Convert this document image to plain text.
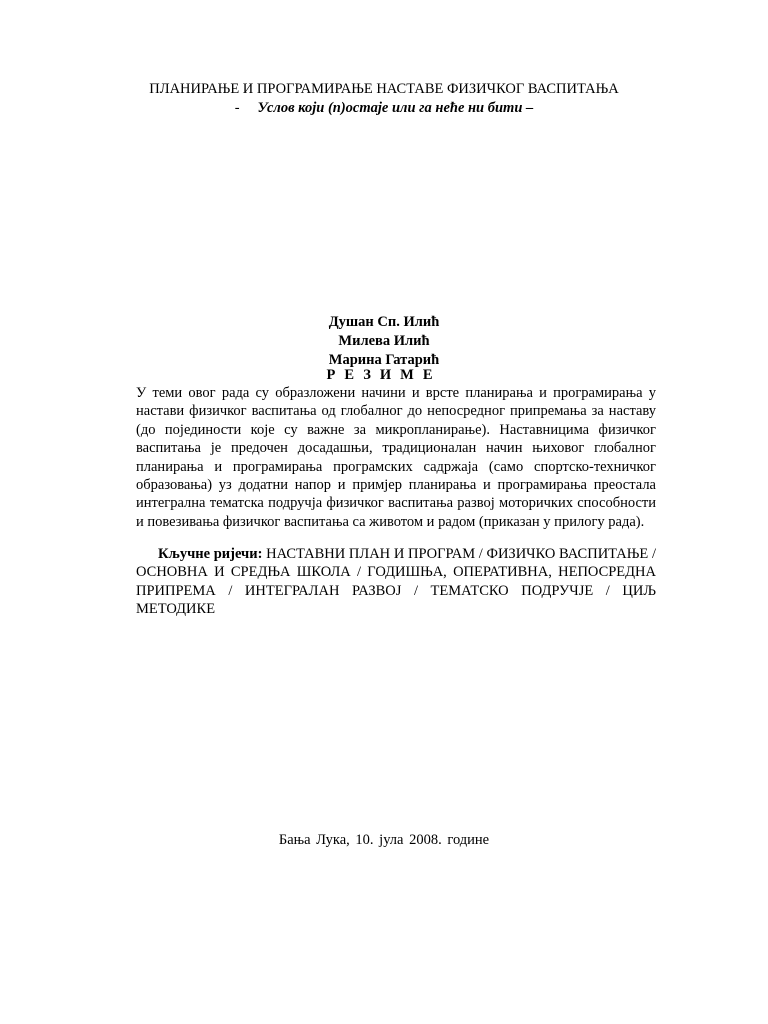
ПЛАНИРАЊЕ И ПРОГРАМИРАЊЕ НАСТАВЕ ФИЗИЧКОГ ВАСПИТАЊА
- Услов који (п)остаје или га неће ни бити –
Душан Сп. Илић
Милева Илић
Марина Гатарић
РЕЗИМЕ

У теми овог рада су образложени начини и врсте планирања и програмирања у настави физичког васпитања од глобалног до непосредног припремања за наставу (до појединости које су важне за микропланирање). Наставницима физичког васпитања је предочен досадашњи, традиционалан начин њиховог глобалног планирања и програмирања програмских садржаја (само спортско-техничког образовања) уз додатни напор и примјер планирања и програмирања преостала интегрална тематска подручја физичког васпитања развој моторичких способности и повезивања физичког васпитања са животом и радом (приказан у прилогу рада).

Кључне ријечи: НАСТАВНИ ПЛАН И ПРОГРАМ / ФИЗИЧКО ВАСПИТАЊЕ / ОСНОВНА И СРЕДЊА ШКОЛА / ГОДИШЊА, ОПЕРАТИВНА, НЕПОСРЕДНА ПРИПРЕМА / ИНТЕГРАЛАН РАЗВОЈ / ТЕМАТСКО ПОДРУЧЈЕ / ЦИЉ МЕТОДИКЕ
Бања Лука, 10. јула 2008. године
